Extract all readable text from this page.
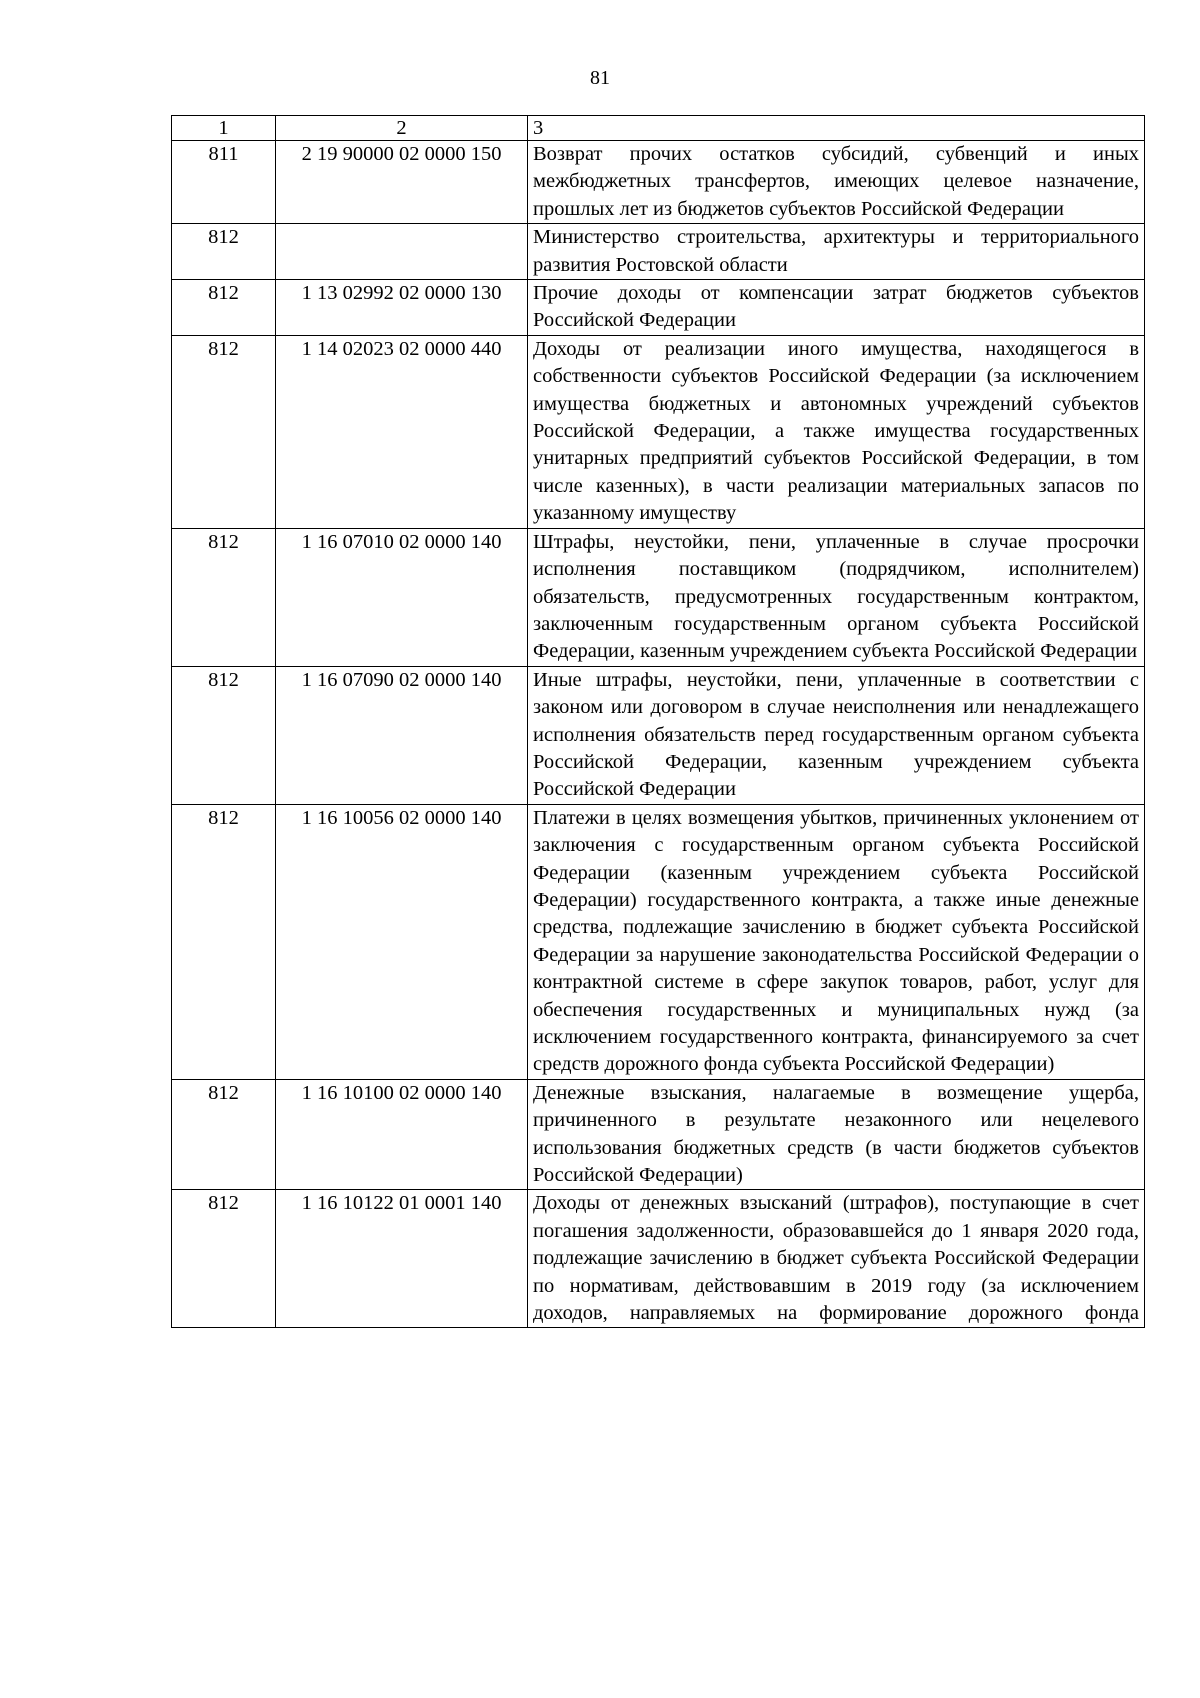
81
1	2	3
811	2 19 90000 02 0000 150	Возврат прочих остатков субсидий, субвенций и иных межбюджетных трансфертов, имеющих целевое назначение, прошлых лет из бюджетов субъектов Российской Федерации
812		Министерство строительства, архитектуры и территориального развития Ростовской области
812	1 13 02992 02 0000 130	Прочие доходы от компенсации затрат бюджетов субъектов Российской Федерации
812	1 14 02023 02 0000 440	Доходы от реализации иного имущества, находящегося в собственности субъектов Российской Федерации (за исключением имущества бюджетных и автономных учреждений субъектов Российской Федерации, а также имущества государственных унитарных предприятий субъектов Российской Федерации, в том числе казенных), в части реализации материальных запасов по указанному имуществу
812	1 16 07010 02 0000 140	Штрафы, неустойки, пени, уплаченные в случае просрочки исполнения поставщиком (подрядчиком, исполнителем) обязательств, предусмотренных государственным контрактом, заключенным государственным органом субъекта Российской Федерации, казенным учреждением субъекта Российской Федерации
812	1 16 07090 02 0000 140	Иные штрафы, неустойки, пени, уплаченные в соответствии с законом или договором в случае неисполнения или ненадлежащего исполнения обязательств перед государственным органом субъекта Российской Федерации, казенным учреждением субъекта Российской Федерации
812	1 16 10056 02 0000 140	Платежи в целях возмещения убытков, причиненных уклонением от заключения с государственным органом субъекта Российской Федерации (казенным учреждением субъекта Российской Федерации) государственного контракта, а также иные денежные средства, подлежащие зачислению в бюджет субъекта Российской Федерации за нарушение законодательства Российской Федерации о контрактной системе в сфере закупок товаров, работ, услуг для обеспечения государственных и муниципальных нужд (за исключением государственного контракта, финансируемого за счет средств дорожного фонда субъекта Российской Федерации)
812	1 16 10100 02 0000 140	Денежные взыскания, налагаемые в возмещение ущерба, причиненного в результате незаконного или нецелевого использования бюджетных средств (в части бюджетов субъектов Российской Федерации)
812	1 16 10122 01 0001 140	Доходы от денежных взысканий (штрафов), поступающие в счет погашения задолженности, образовавшейся до 1 января 2020 года, подлежащие зачислению в бюджет субъекта Российской Федерации по нормативам, действовавшим в 2019 году (за исключением доходов, направляемых на формирование дорожного фонда
